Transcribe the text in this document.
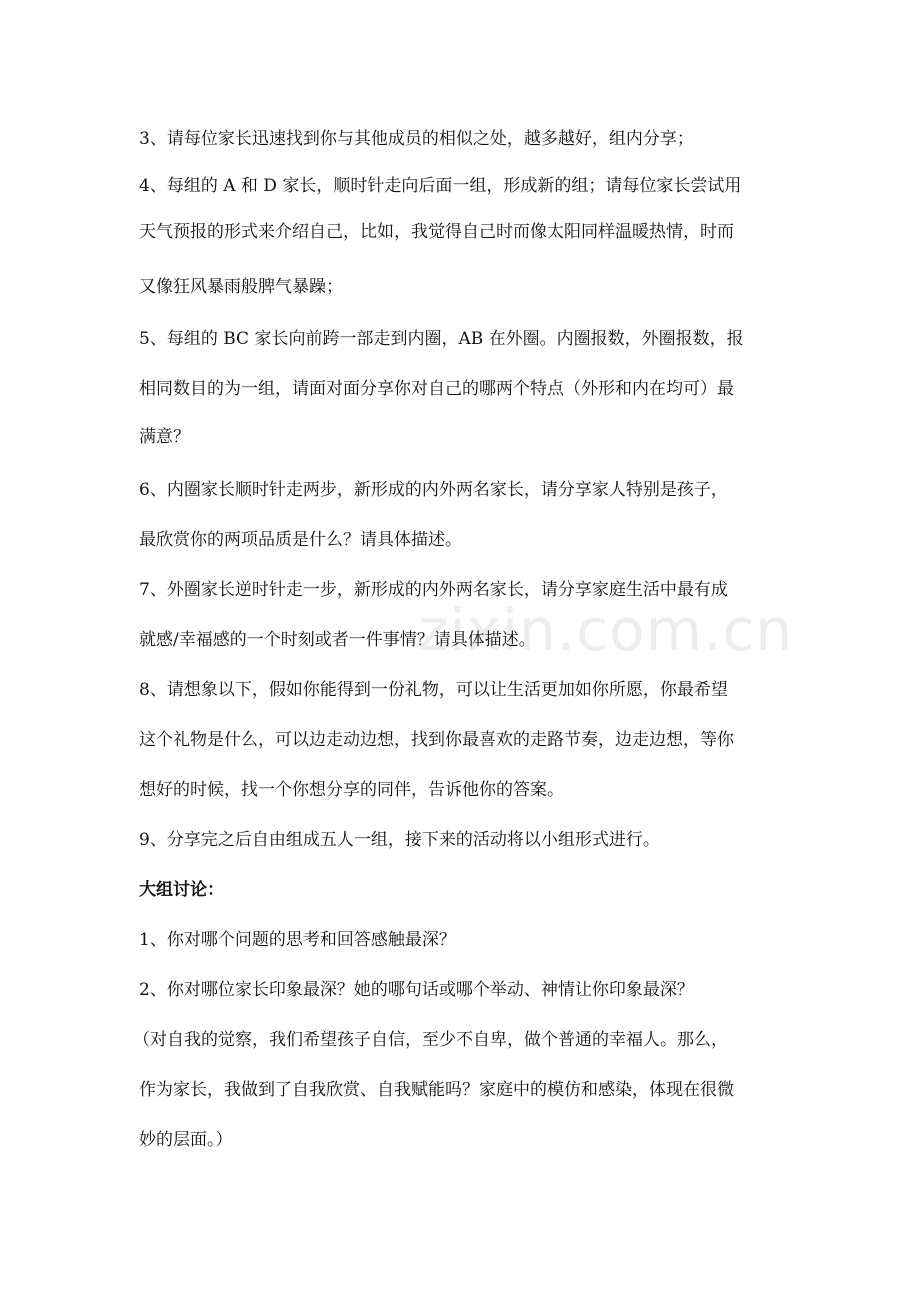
3、请每位家长迅速找到你与其他成员的相似之处，越多越好，组内分享；
4、每组的 A 和 D 家长，顺时针走向后面一组，形成新的组；请每位家长尝试用
天气预报的形式来介绍自己，比如，我觉得自己时而像太阳同样温暖热情，时而
又像狂风暴雨般脾气暴躁；
5、每组的 BC 家长向前跨一部走到内圈，AB 在外圈。内圈报数，外圈报数，报
相同数目的为一组，请面对面分享你对自己的哪两个特点（外形和内在均可）最
满意？
6、内圈家长顺时针走两步，新形成的内外两名家长，请分享家人特别是孩子，
最欣赏你的两项品质是什么？请具体描述。
7、外圈家长逆时针走一步，新形成的内外两名家长，请分享家庭生活中最有成
就感/幸福感的一个时刻或者一件事情？请具体描述。
8、请想象以下，假如你能得到一份礼物，可以让生活更加如你所愿，你最希望
这个礼物是什么，可以边走动边想，找到你最喜欢的走路节奏，边走边想，等你
想好的时候，找一个你想分享的同伴，告诉他你的答案。
9、分享完之后自由组成五人一组，接下来的活动将以小组形式进行。
大组讨论：
1、你对哪个问题的思考和回答感触最深？
2、你对哪位家长印象最深？她的哪句话或哪个举动、神情让你印象最深？
（对自我的觉察，我们希望孩子自信，至少不自卑，做个普通的幸福人。那么，
作为家长，我做到了自我欣赏、自我赋能吗？家庭中的模仿和感染，体现在很微
妙的层面。）
zixin.com.cn
